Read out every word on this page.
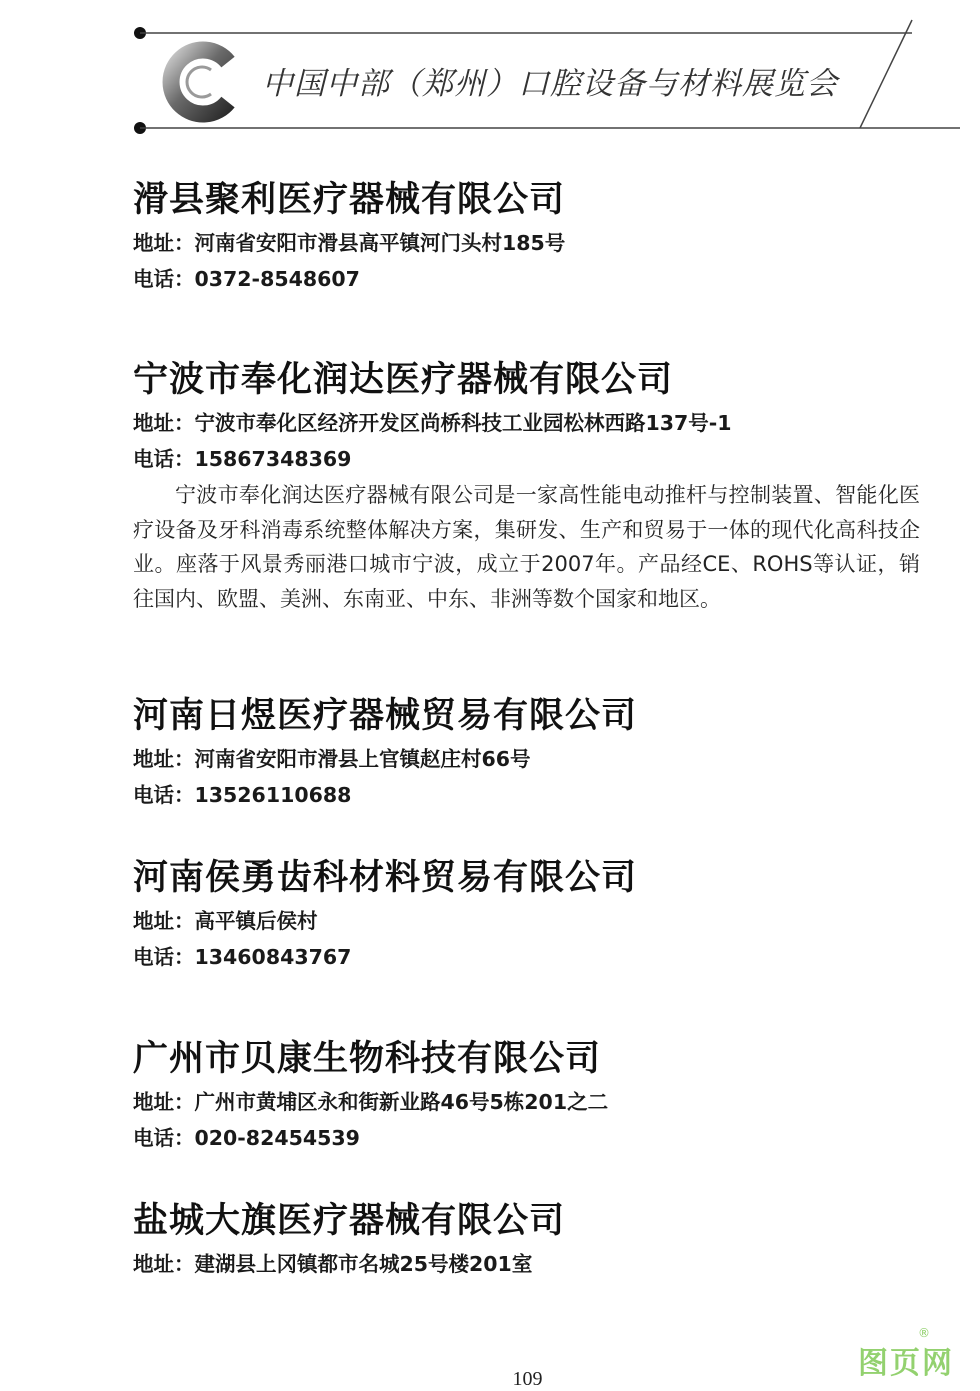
中国中部（郑州）口腔设备与材料展览会
滑县聚利医疗器械有限公司
地址：河南省安阳市滑县高平镇河门头村185号
电话：0372-8548607
宁波市奉化润达医疗器械有限公司
地址：宁波市奉化区经济开发区尚桥科技工业园松林西路137号-1
电话：15867348369
宁波市奉化润达医疗器械有限公司是一家高性能电动推杆与控制装置、智能化医疗设备及牙科消毒系统整体解决方案，集研发、生产和贸易于一体的现代化高科技企业。座落于风景秀丽港口城市宁波，成立于2007年。产品经CE、ROHS等认证，销往国内、欧盟、美洲、东南亚、中东、非洲等数个国家和地区。
河南日煜医疗器械贸易有限公司
地址：河南省安阳市滑县上官镇赵庄村66号
电话：13526110688
河南侯勇齿科材料贸易有限公司
地址：高平镇后侯村
电话：13460843767
广州市贝康生物科技有限公司
地址：广州市黄埔区永和街新业路46号5栋201之二
电话：020-82454539
盐城大旗医疗器械有限公司
地址：建湖县上冈镇都市名城25号楼201室
109	图页网
®
